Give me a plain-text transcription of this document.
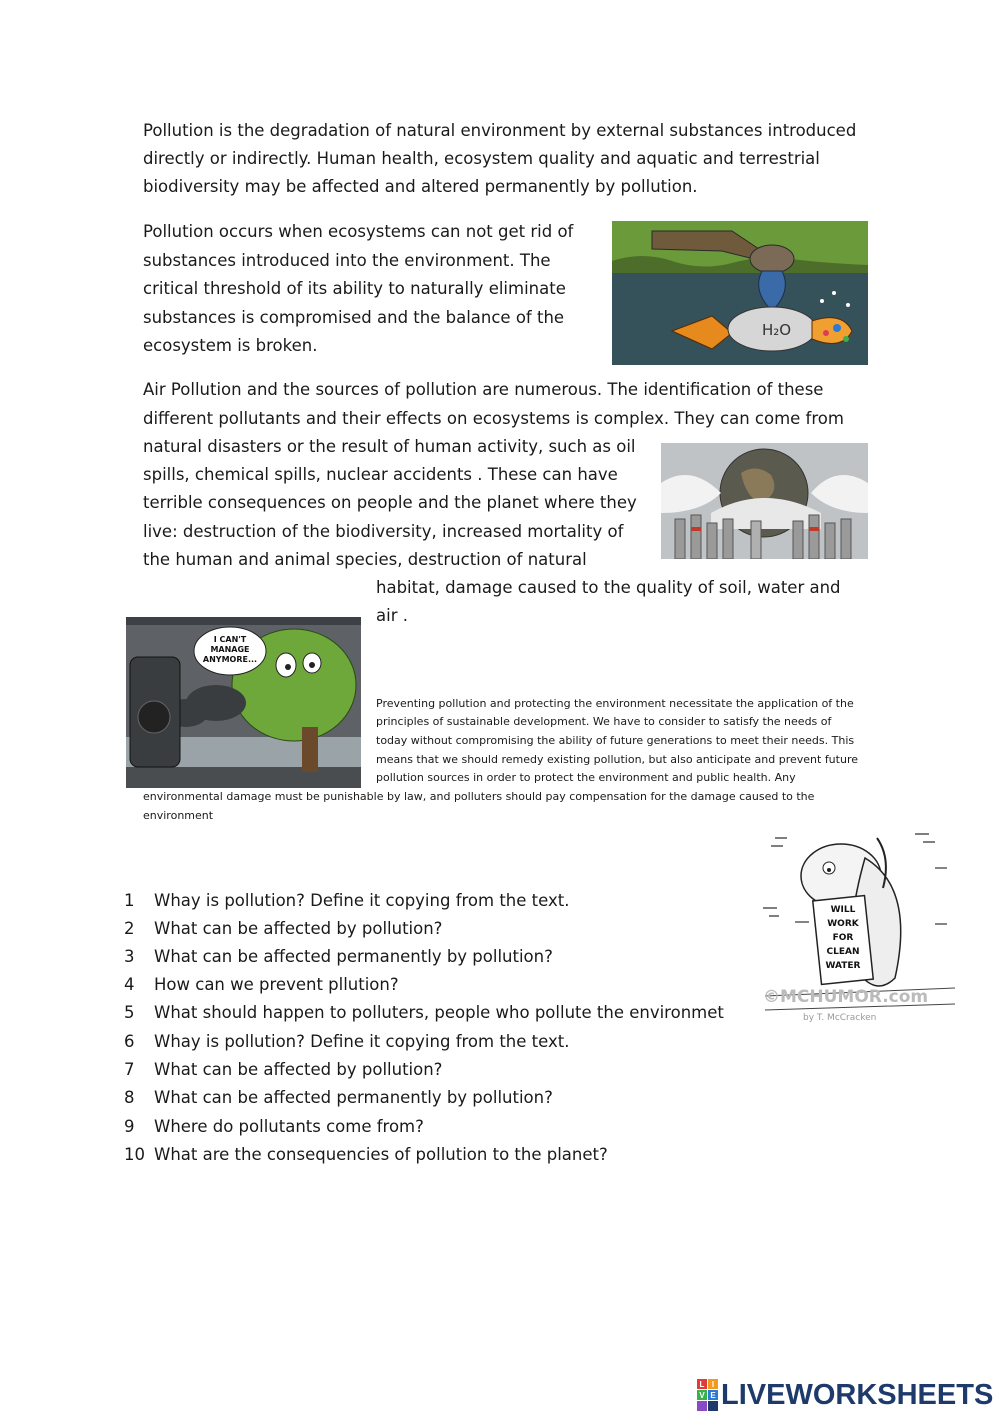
Pollution is the degradation of natural environment by external substances introduced
directly or indirectly. Human health, ecosystem quality and aquatic and terrestrial
biodiversity may be affected and altered permanently by pollution.
Pollution occurs when ecosystems can not get rid of
substances introduced into the environment. The
critical threshold of its ability to naturally eliminate
substances is compromised and the balance of the
ecosystem is broken.
H₂O
Air Pollution and the sources of pollution are numerous. The identification of these
different pollutants and their effects on ecosystems is complex. They can come from
natural disasters or the result of human activity, such as oil
spills, chemical spills, nuclear accidents . These can have
terrible consequences on people and the planet where they
live: destruction of the biodiversity, increased mortality of
the human and animal species, destruction of natural
habitat, damage caused to the quality of soil, water and
air .
I CAN'T
MANAGE
ANYMORE...
Preventing pollution and protecting the environment necessitate the application of the
principles of sustainable development. We have to consider to satisfy the needs of
today without compromising the ability of future generations to meet their needs. This
means that we should remedy existing pollution, but also anticipate and prevent future
pollution sources in order to protect the environment and public health. Any
environmental damage must be punishable by law, and polluters should pay compensation for the damage caused to the
environment
WILL
WORK
FOR
CLEAN
WATER
©MCHUMOR.com
by T. McCracken
1 Whay is pollution? Define it copying from the text.
2 What can be affected by pollution?
3 What can be affected permanently by pollution?
4 How can we prevent pllution?
5 What should happen to polluters, people who pollute the environmet
6 Whay is pollution? Define it copying from the text.
7 What can be affected by pollution?
8 What can be affected permanently by pollution?
9 Where do pollutants come from?
10 What are the consequencies of pollution to the planet?
L I
V E LIVEWORKSHEETS
